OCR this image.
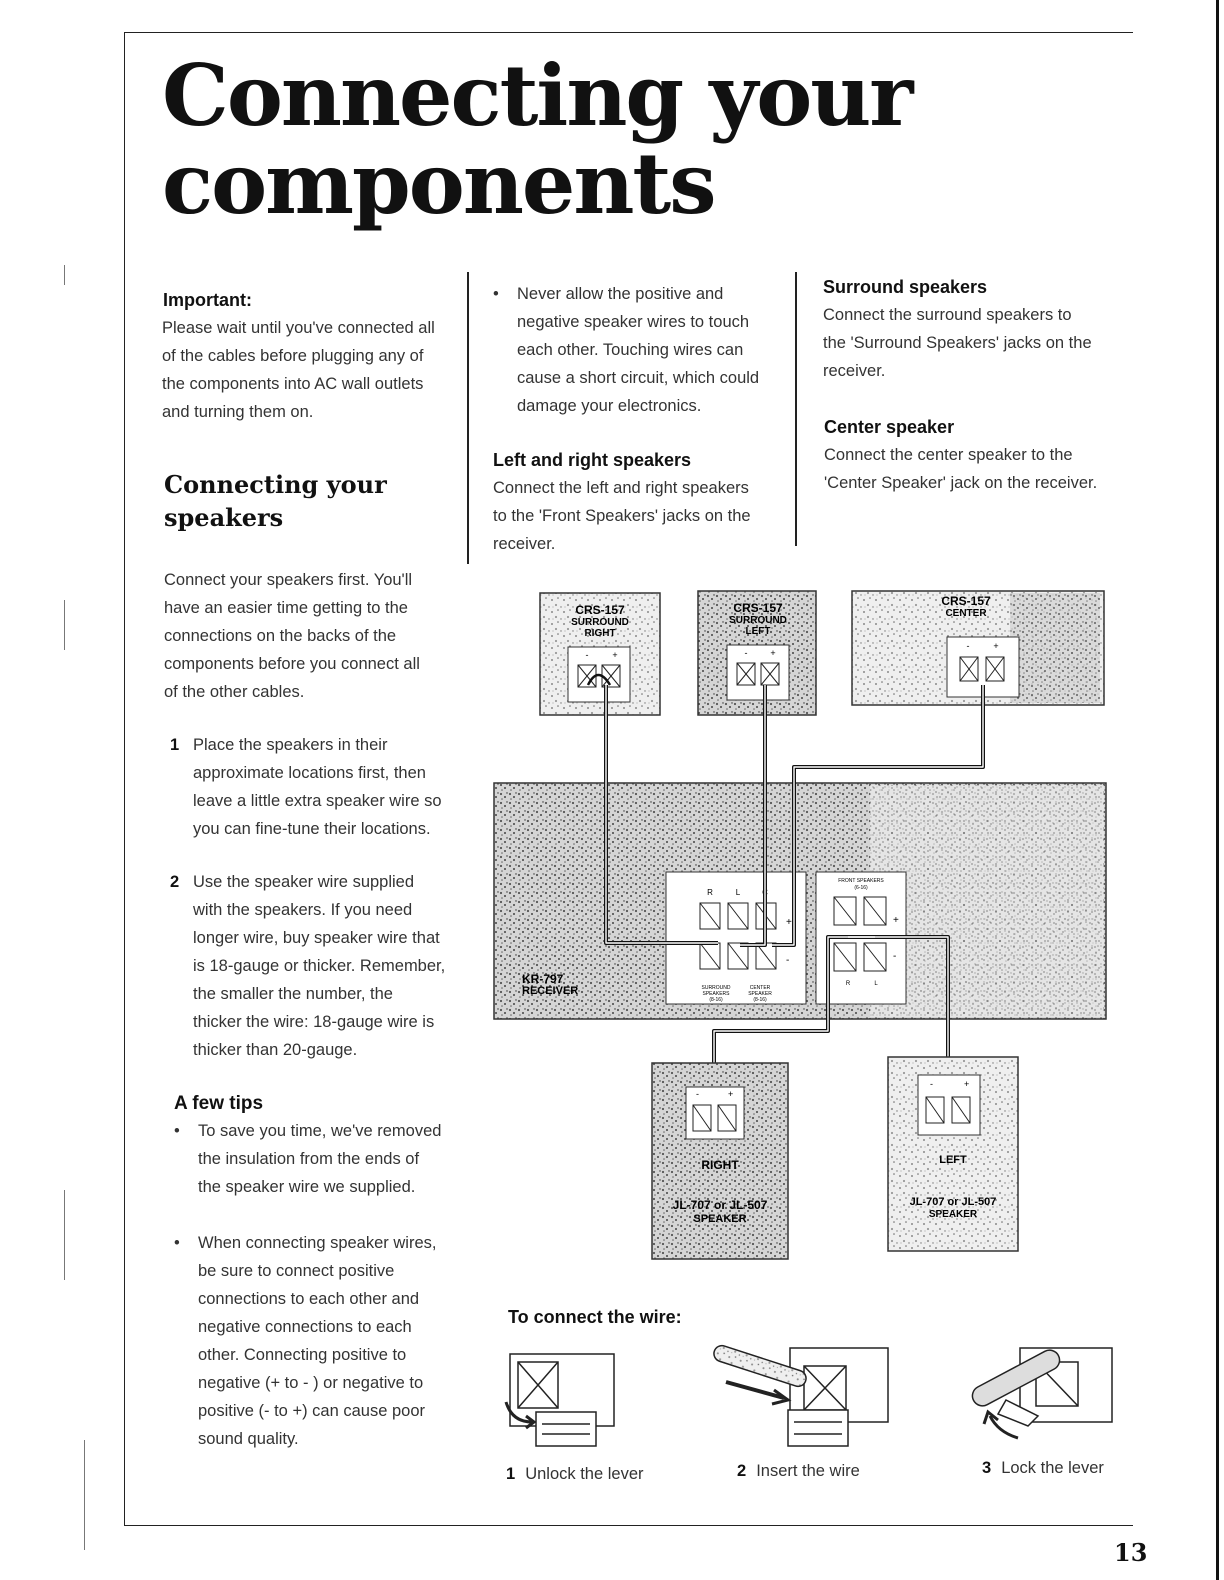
Connecting your
components
Important:
Please wait until you've connected all
of the cables before plugging any of
the components into AC wall outlets
and turning them on.
Connecting your
speakers
Connect your speakers first. You'll
have an easier time getting to the
connections on the backs of the
components before you connect all
of the other cables.
1 Place the speakers in their
approximate locations first, then
leave a little extra speaker wire so
you can fine-tune their locations.
2 Use the speaker wire supplied
with the speakers. If you need
longer wire, buy speaker wire that
is 18-gauge or thicker. Remember,
the smaller the number, the
thicker the wire: 18-gauge wire is
thicker than 20-gauge.
A few tips
• To save you time, we've removed
the insulation from the ends of
the speaker wire we supplied.
• When connecting speaker wires,
be sure to connect positive
connections to each other and
negative connections to each
other. Connecting positive to
negative (+ to - ) or negative to
positive (- to +) can cause poor
sound quality.
• Never allow the positive and
negative speaker wires to touch
each other. Touching wires can
cause a short circuit, which could
damage your electronics.
Left and right speakers
Connect the left and right speakers
to the 'Front Speakers' jacks on the
receiver.
Surround speakers
Connect the surround speakers to
the 'Surround Speakers' jacks on the
receiver.
Center speaker
Connect the center speaker to the
'Center Speaker' jack on the receiver.
CRS-157
SURROUND
RIGHT
-	+
CRS-157
SURROUND
LEFT
-	+
CRS-157
CENTER
-	+
KR-797
RECEIVER
R	L	C
+
-
SURROUND
SPEAKERS
(8-16)
CENTER
SPEAKER
(8-16)
FRONT SPEAKERS
(6-16)
+
-
R	L
-	+
RIGHT
JL-707 or JL-507
SPEAKER
-	+
LEFT
JL-707 or JL-507
SPEAKER
To connect the wire:
1 Unlock the lever	2 Insert the wire	3 Lock the lever
13
